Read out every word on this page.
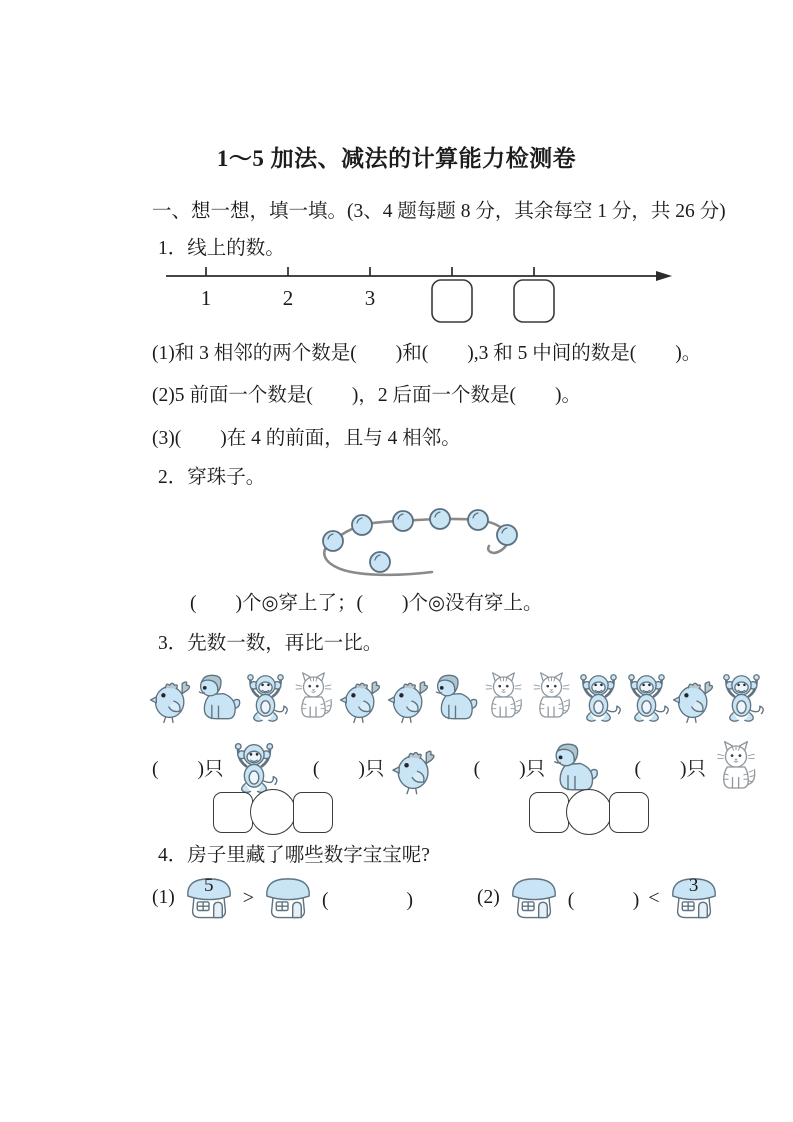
1～5 加法、减法的计算能力检测卷

一、想一想，填一填。(3、4 题每题 8 分，其余每空 1 分，共 26 分)

1．线上的数。

1	2	3

(1)和 3 相邻的两个数是(　　)和(　　),3 和 5 中间的数是(　　)。

(2)5 前面一个数是(　　)，2 后面一个数是(　　)。

(3)(　　)在 4 的前面，且与 4 相邻。

2．穿珠子。

(　　)个◎穿上了；(　　)个◎没有穿上。

3．先数一数，再比一比。

(　　)只	(　　)只	(　　)只	(　　)只

4．房子里藏了哪些数字宝宝呢?

(1)
5
>	(　　　　)	(2)	(　　　) <
3
